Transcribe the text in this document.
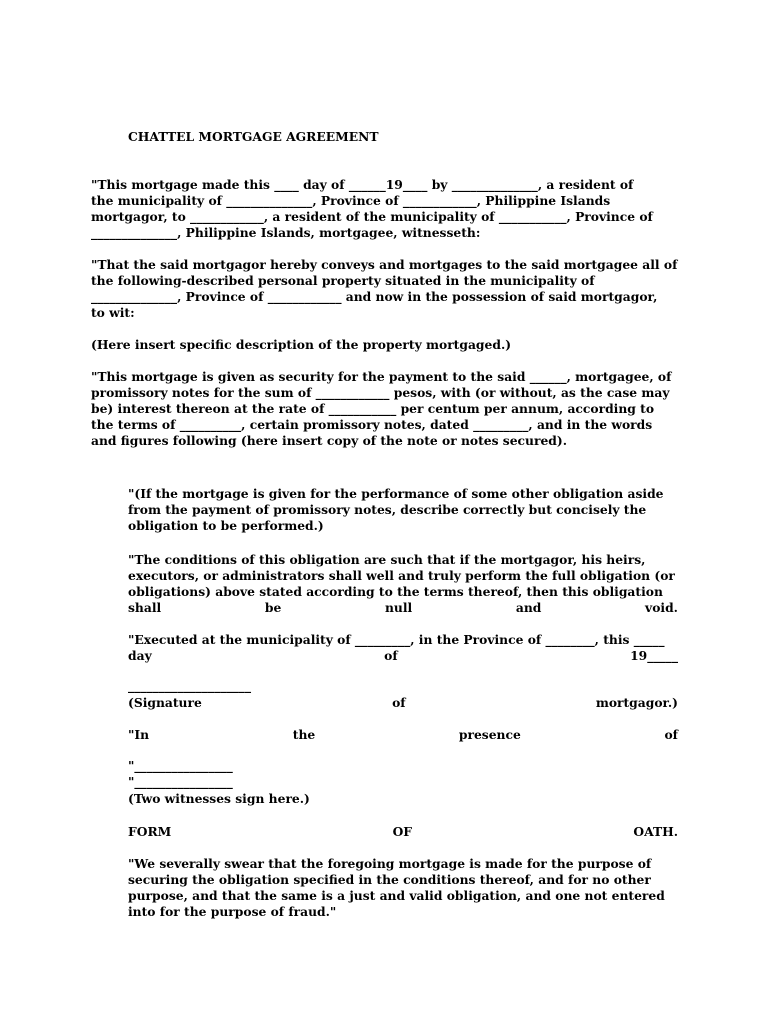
CHATTEL MORTGAGE AGREEMENT
"This mortgage made this ____ day of ______19____ by ______________, a resident of
the municipality of ______________, Province of ____________, Philippine Islands
mortgagor, to ____________, a resident of the municipality of ___________, Province of
______________, Philippine Islands, mortgagee, witnesseth:
"That the said mortgagor hereby conveys and mortgages to the said mortgagee all of
the following-described personal property situated in the municipality of
______________, Province of ____________ and now in the possession of said mortgagor,
to wit:
(Here insert specific description of the property mortgaged.)
"This mortgage is given as security for the payment to the said ______, mortgagee, of
promissory notes for the sum of ____________ pesos, with (or without, as the case may
be) interest thereon at the rate of ___________ per centum per annum, according to
the terms of __________, certain promissory notes, dated _________, and in the words
and figures following (here insert copy of the note or notes secured).
"(If the mortgage is given for the performance of some other obligation aside
from the payment of promissory notes, describe correctly but concisely the
obligation to be performed.)
"The conditions of this obligation are such that if the mortgagor, his heirs,
executors, or administrators shall well and truly perform the full obligation (or
obligations) above stated according to the terms thereof, then this obligation
shall	be	null	and	void.
"Executed at the municipality of _________, in the Province of ________, this _____
day	of	19_____
____________________
(Signature	of	mortgagor.)
"In	the	presence	of
"________________
"________________
(Two witnesses sign here.)
FORM	OF	OATH.
"We severally swear that the foregoing mortgage is made for the purpose of
securing the obligation specified in the conditions thereof, and for no other
purpose, and that the same is a just and valid obligation, and one not entered
into for the purpose of fraud."
